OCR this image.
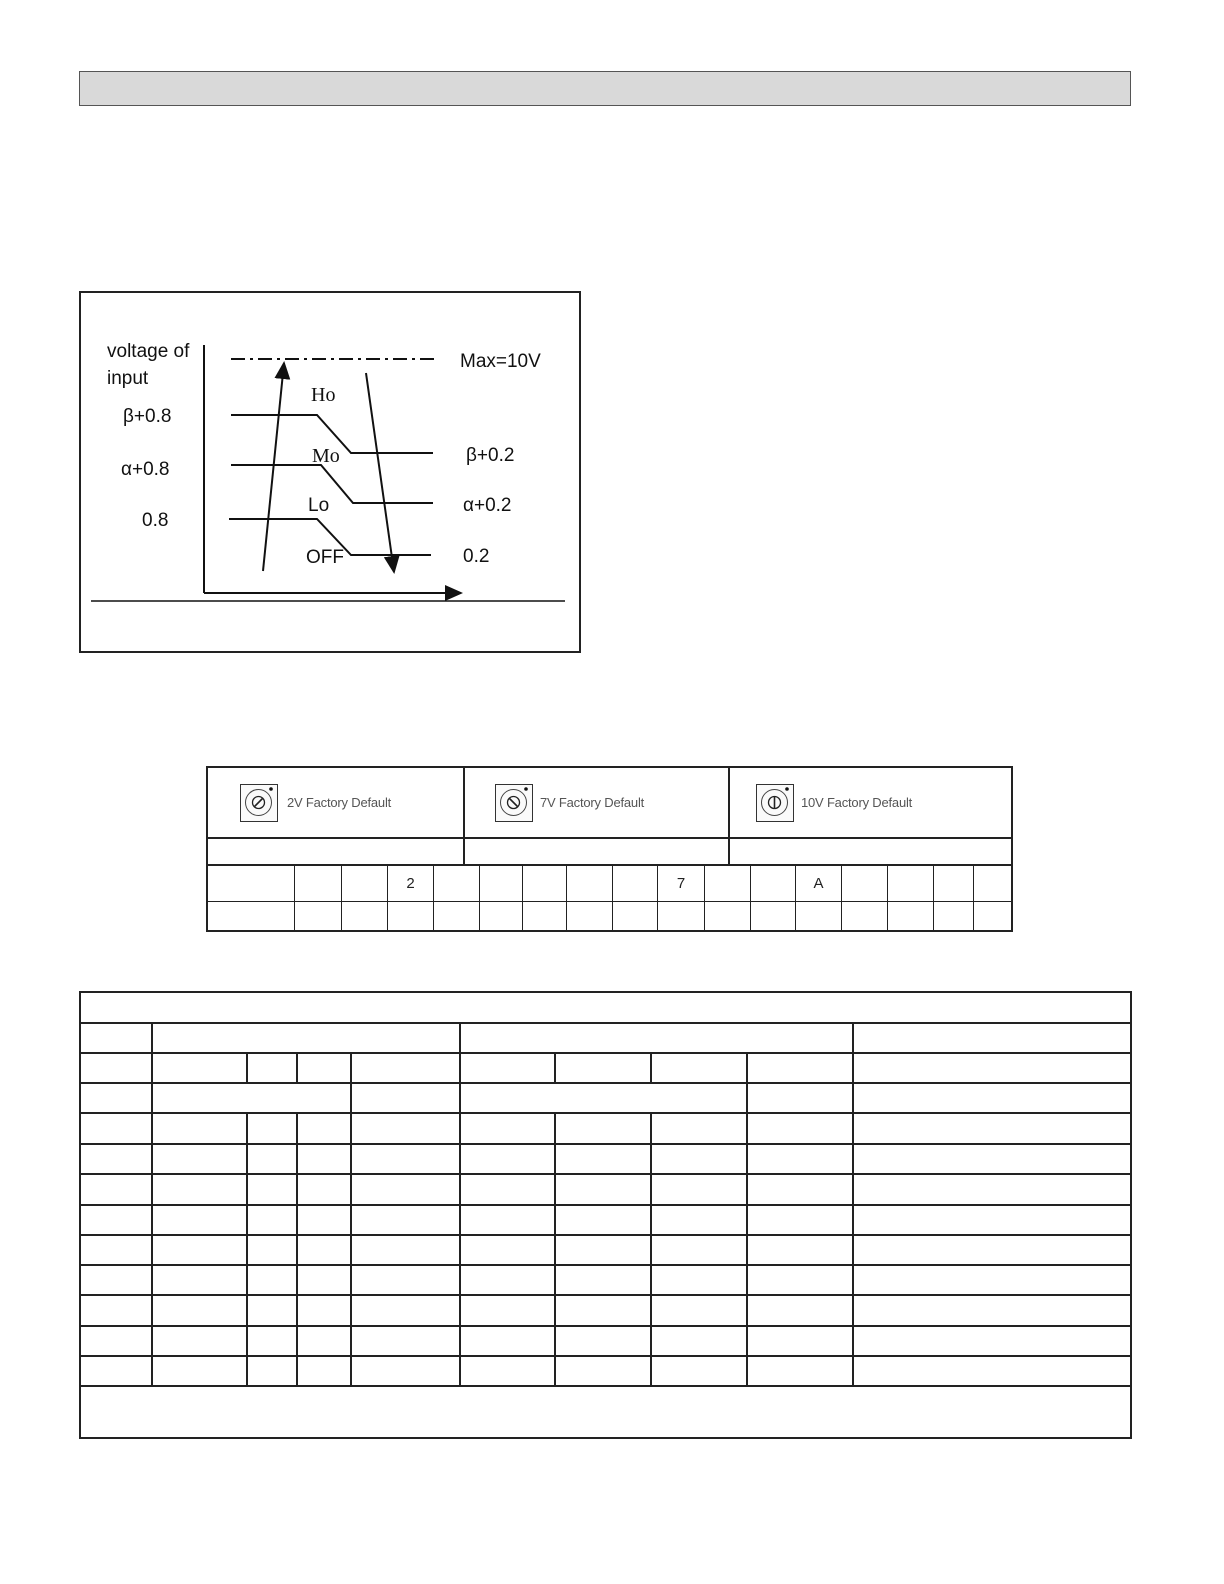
voltage of
input
Max=10V
β+0.8
α+0.8
0.8
β+0.2
α+0.2
0.2
Ho
Mo
Lo
OFF
2V Factory Default	7V Factory Default	10V Factory Default
2	7	A
